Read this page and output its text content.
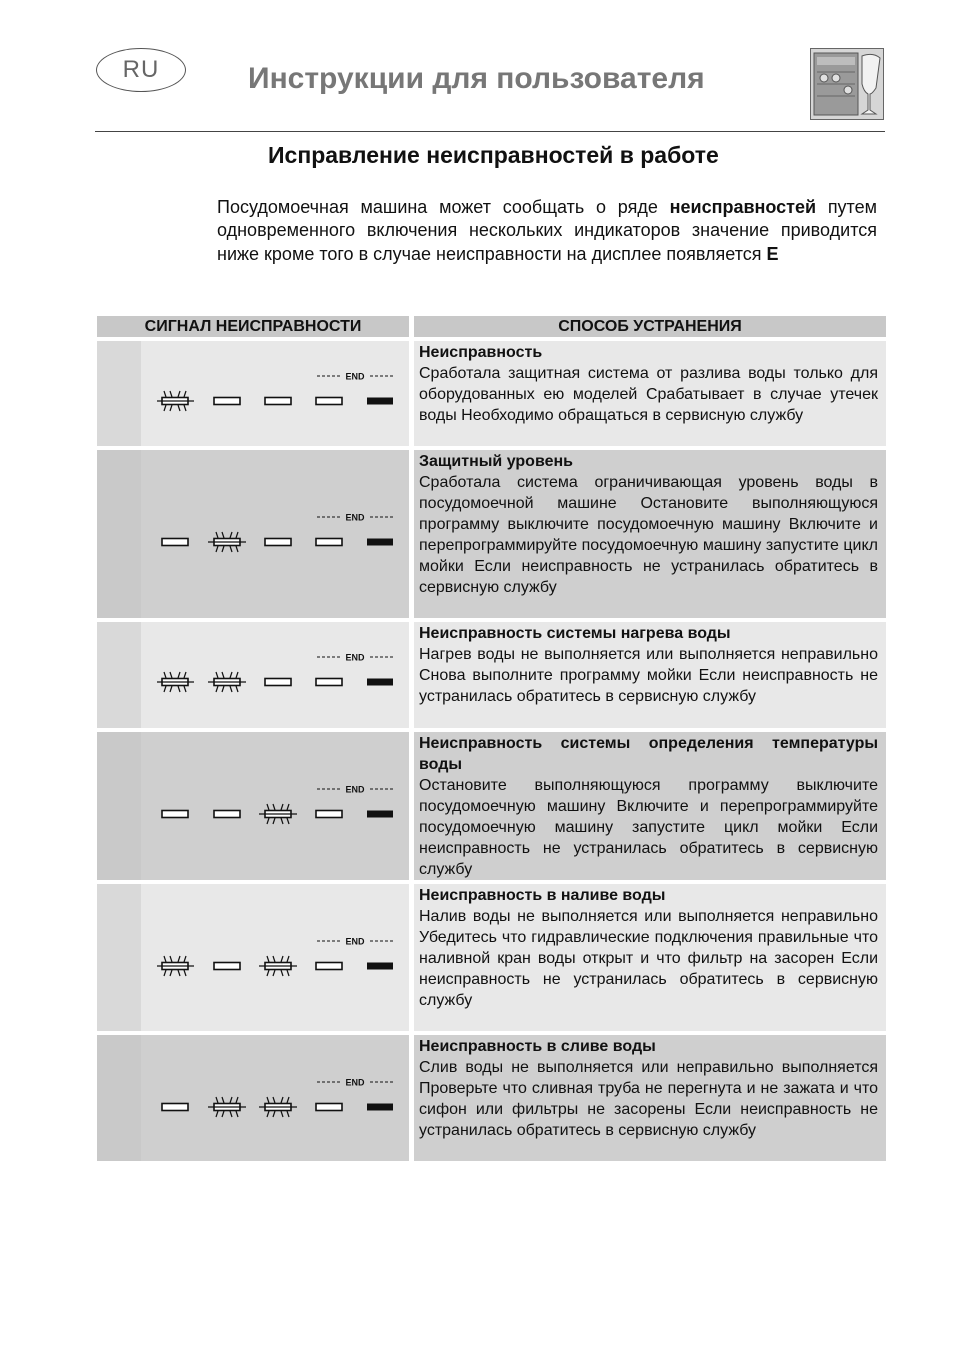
RU	Инструкции для пользователя
Исправление неисправностей в работе
Посудомоечная машина может сообщать о ряде неисправностей путем одновременного включения нескольких индикаторов значение приводится ниже кроме того в случае неисправности на дисплее появляется E
СИГНАЛ НЕИСПРАВНОСТИ	СПОСОБ УСТРАНЕНИЯ
END
Неисправность
Сработала защитная система от разлива воды только для оборудованных ею моделей Срабатывает в случае утечек воды Необходимо обращаться в сервисную службу
END
Защитный уровень
Сработала система ограничивающая уровень воды в посудомоечной машине Остановите выполняющуюся программу выключите посудомоечную машину Включите и перепрограммируйте посудомоечную машину запустите цикл мойки Если неисправность не устранилась обратитесь в сервисную службу
END
Неисправность системы нагрева воды
Нагрев воды не выполняется или выполняется неправильно Снова выполните программу мойки Если неисправность не устранилась обратитесь в сервисную службу
END
Неисправность системы определения температуры воды
Остановите выполняющуюся программу выключите посудомоечную машину Включите и перепрограммируйте посудомоечную машину запустите цикл мойки Если неисправность не устранилась обратитесь в сервисную службу
END
Неисправность в наливе воды
Налив воды не выполняется или выполняется неправильно Убедитесь что гидравлические подключения правильные что наливной кран воды открыт и что фильтр на засорен Если неисправность не устранилась обратитесь в сервисную службу
END
Неисправность в сливе воды
Слив воды не выполняется или неправильно выполняется Проверьте что сливная труба не перегнута и не зажата и что сифон или фильтры не засорены Если неисправность не устранилась обратитесь в сервисную службу
